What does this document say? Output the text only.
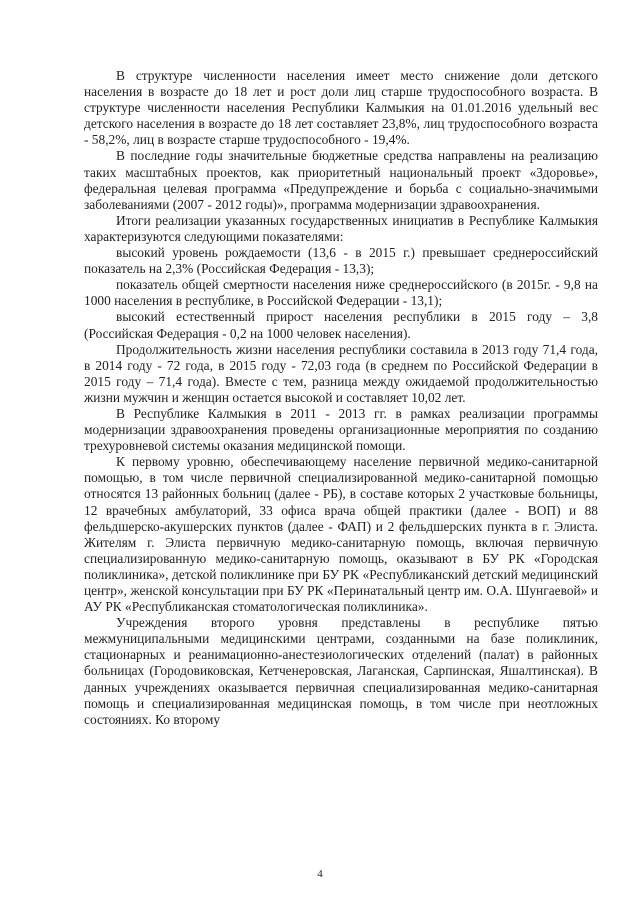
В структуре численности населения имеет место снижение доли детского населения в возрасте до 18 лет и рост доли лиц старше трудоспособного возраста. В структуре численности населения Республики Калмыкия на 01.01.2016 удельный вес детского населения в возрасте до 18 лет составляет 23,8%, лиц трудоспособного возраста - 58,2%, лиц в возрасте старше трудоспособного - 19,4%.

В последние годы значительные бюджетные средства направлены на реализацию таких масштабных проектов, как приоритетный национальный проект «Здоровье», федеральная целевая программа «Предупреждение и борьба с социально-значимыми заболеваниями (2007 - 2012 годы)», программа модернизации здравоохранения.

Итоги реализации указанных государственных инициатив в Республике Калмыкия характеризуются следующими показателями:

высокий уровень рождаемости (13,6 - в 2015 г.) превышает среднероссийский показатель на 2,3% (Российская Федерация - 13,3);

показатель общей смертности населения ниже среднероссийского (в 2015г. - 9,8 на 1000 населения в республике, в Российской Федерации - 13,1);

высокий естественный прирост населения республики в 2015 году – 3,8 (Российская Федерация - 0,2 на 1000 человек населения).

Продолжительность жизни населения республики составила в 2013 году 71,4 года, в 2014 году - 72 года, в 2015 году - 72,03 года (в среднем по Российской Федерации в 2015 году – 71,4 года). Вместе с тем, разница между ожидаемой продолжительностью жизни мужчин и женщин остается высокой и составляет 10,02 лет.

В Республике Калмыкия в 2011 - 2013 гг. в рамках реализации программы модернизации здравоохранения проведены организационные мероприятия по созданию трехуровневой системы оказания медицинской помощи.

К первому уровню, обеспечивающему население первичной медико-санитарной помощью, в том числе первичной специализированной медико-санитарной помощью относятся 13 районных больниц (далее - РБ), в составе которых 2 участковые больницы, 12 врачебных амбулаторий, 33 офиса врача общей практики (далее - ВОП) и 88 фельдшерско-акушерских пунктов (далее - ФАП) и 2 фельдшерских пункта в г. Элиста. Жителям г. Элиста первичную медико-санитарную помощь, включая первичную специализированную медико-санитарную помощь, оказывают в БУ РК «Городская поликлиника», детской поликлинике при БУ РК «Республиканский детский медицинский центр», женской консультации при БУ РК «Перинатальный центр им. О.А. Шунгаевой» и АУ РК «Республиканская стоматологическая поликлиника».

Учреждения второго уровня представлены в республике пятью межмуниципальными медицинскими центрами, созданными на базе поликлиник, стационарных и реанимационно-анестезиологических отделений (палат) в районных больницах (Городовиковская, Кетченеровская, Лаганская, Сарпинская, Яшалтинская). В данных учреждениях оказывается первичная специализированная медико-санитарная помощь и специализированная медицинская помощь, в том числе при неотложных состояниях. Ко второму

4
